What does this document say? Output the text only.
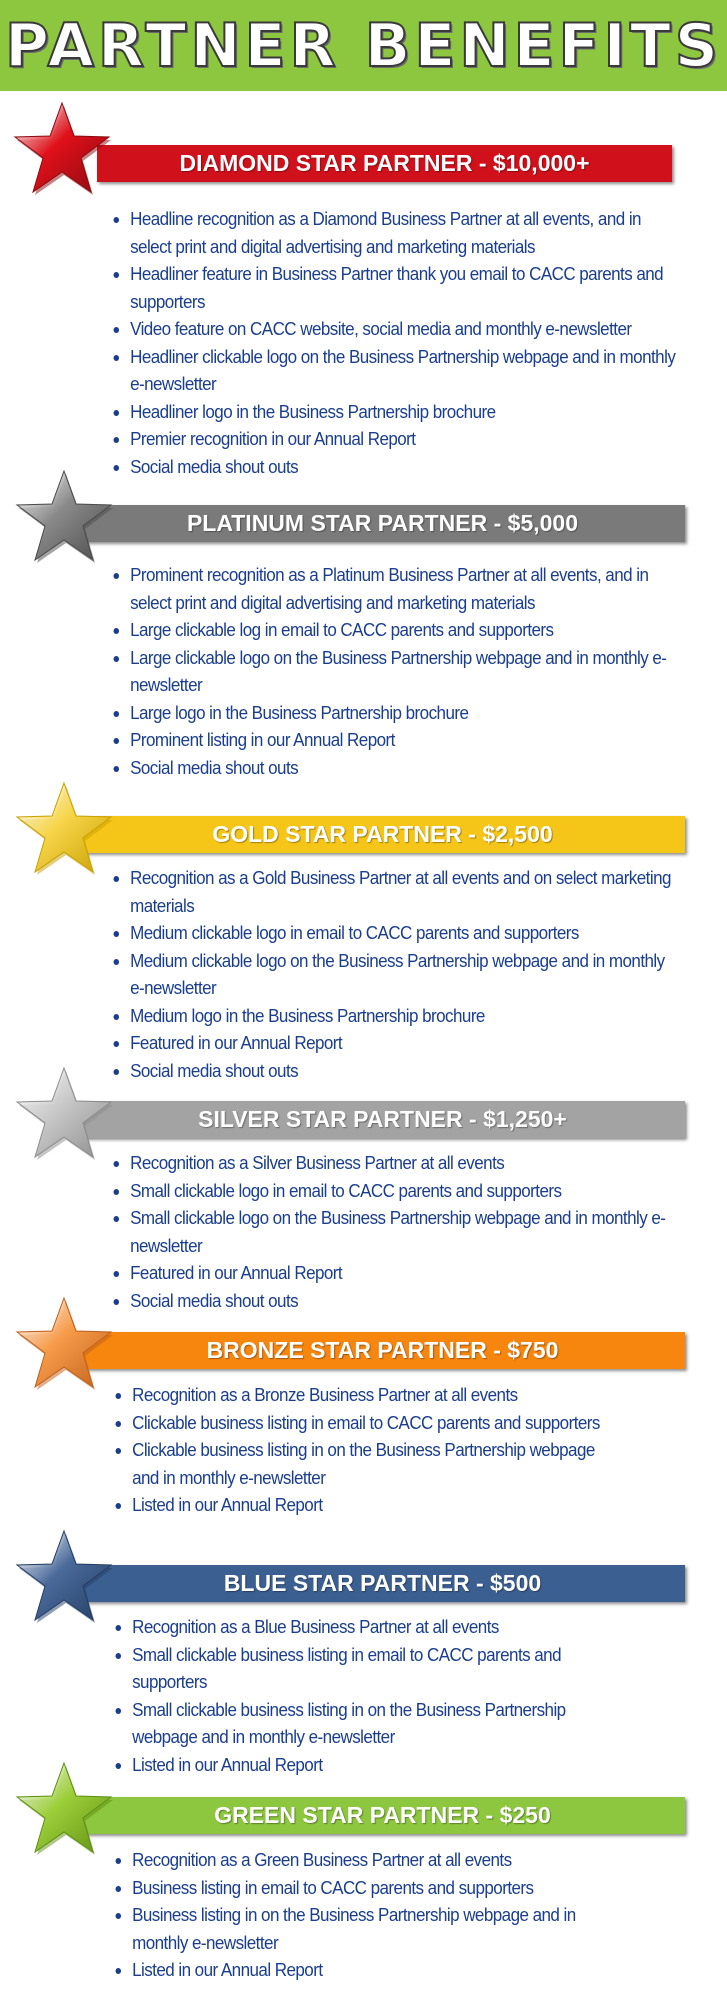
PARTNER BENEFITS
DIAMOND STAR PARTNER - $10,000+
• Headline recognition as a Diamond Business Partner at all events, and in select print and digital advertising and marketing materials
• Headliner feature in Business Partner thank you email to CACC parents and supporters
• Video feature on CACC website, social media and monthly e-newsletter
• Headliner clickable logo on the Business Partnership webpage and in monthly e-newsletter
• Headliner logo in the Business Partnership brochure
• Premier recognition in our Annual Report
• Social media shout outs
PLATINUM STAR PARTNER - $5,000
• Prominent recognition as a Platinum Business Partner at all events, and in select print and digital advertising and marketing materials
• Large clickable log in email to CACC parents and supporters
• Large clickable logo on the Business Partnership webpage and in monthly e-newsletter
• Large logo in the Business Partnership brochure
• Prominent listing in our Annual Report
• Social media shout outs
GOLD STAR PARTNER - $2,500
• Recognition as a Gold Business Partner at all events and on select marketing materials
• Medium clickable logo in email to CACC parents and supporters
• Medium clickable logo on the Business Partnership webpage and in monthly e-newsletter
• Medium logo in the Business Partnership brochure
• Featured in our Annual Report
• Social media shout outs
SILVER STAR PARTNER - $1,250+
• Recognition as a Silver Business Partner at all events
• Small clickable logo in email to CACC parents and supporters
• Small clickable logo on the Business Partnership webpage and in monthly e-newsletter
• Featured in our Annual Report
• Social media shout outs
BRONZE STAR PARTNER - $750
• Recognition as a Bronze Business Partner at all events
• Clickable business listing in email to CACC parents and supporters
• Clickable business listing in on the Business Partnership webpage and in monthly e-newsletter
• Listed in our Annual Report
BLUE STAR PARTNER - $500
• Recognition as a Blue Business Partner at all events
• Small clickable business listing in email to CACC parents and supporters
• Small clickable business listing in on the Business Partnership webpage and in monthly e-newsletter
• Listed in our Annual Report
GREEN STAR PARTNER - $250
• Recognition as a Green Business Partner at all events
• Business listing in email to CACC parents and supporters
• Business listing in on the Business Partnership webpage and in monthly e-newsletter
• Listed in our Annual Report
